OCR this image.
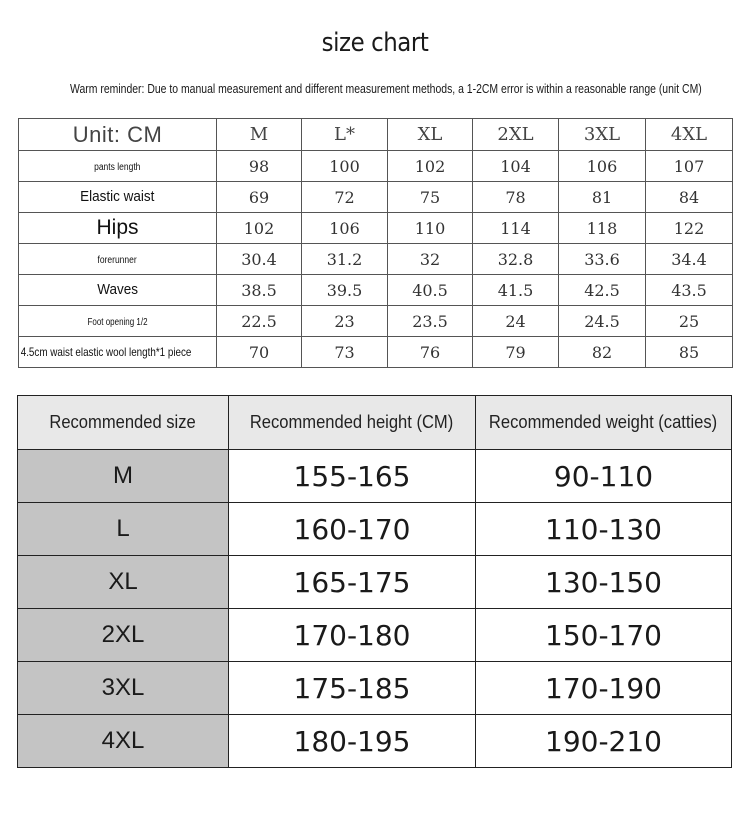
size chart
Warm reminder: Due to manual measurement and different measurement methods, a 1-2CM error is within a reasonable range (unit CM)
Unit: CM	M	L*	XL	2XL	3XL	4XL
pants length	98	100	102	104	106	107
Elastic waist	69	72	75	78	81	84
Hips	102	106	110	114	118	122
forerunner	30.4	31.2	32	32.8	33.6	34.4
Waves	38.5	39.5	40.5	41.5	42.5	43.5
Foot opening 1/2	22.5	23	23.5	24	24.5	25
4.5cm waist elastic wool length*1 piece	70	73	76	79	82	85
Recommended size	Recommended height (CM)	Recommended weight (catties)
M	155-165	90-110
L	160-170	110-130
XL	165-175	130-150
2XL	170-180	150-170
3XL	175-185	170-190
4XL	180-195	190-210
